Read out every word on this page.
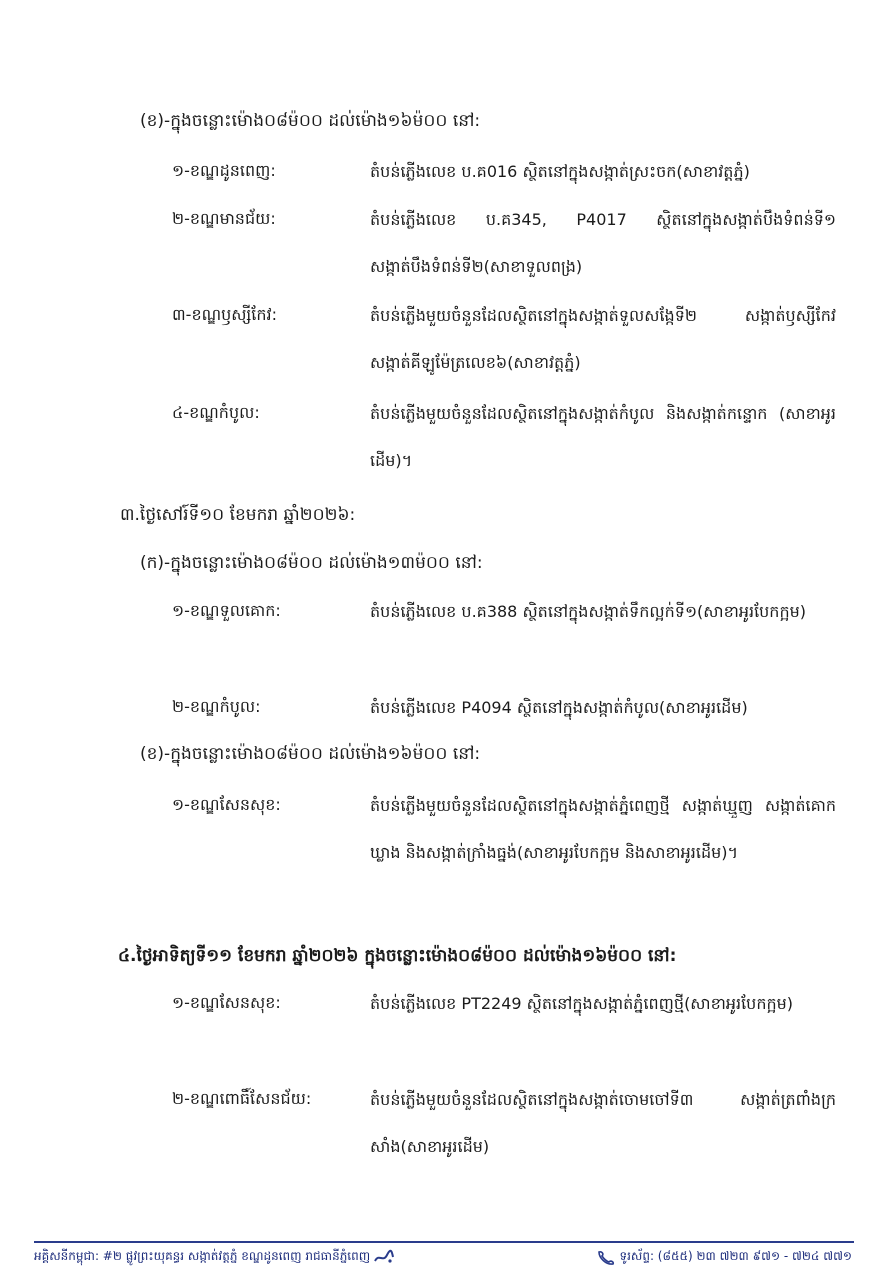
(ខ)-ក្នុងចន្លោះម៉ោង០៨ម៉០០ ដល់ម៉ោង១៦ម៉០០ នៅ:
១-ខណ្ឌដូនពេញ:	តំបន់ភ្លើងលេខ ប.គ016 ស្ថិតនៅក្នុងសង្កាត់ស្រះចក(សាខាវត្តភ្នំ)
២-ខណ្ឌមានជ័យ:	តំបន់ភ្លើងលេខ ប.គ345, P4017 ស្ថិតនៅក្នុងសង្កាត់បឹងទំពន់ទី១ សង្កាត់បឹងទំពន់ទី២(សាខាទួលពង្រ)
៣-ខណ្ឌឫស្សីកែវ:	តំបន់ភ្លើងមួយចំនួនដែលស្ថិតនៅក្នុងសង្កាត់ទួលសង្កែទី២ សង្កាត់ឫស្សីកែវ សង្កាត់គីឡូម៉ែត្រលេខ៦(សាខាវត្តភ្នំ)
៤-ខណ្ឌកំបូល:	តំបន់ភ្លើងមួយចំនួនដែលស្ថិតនៅក្នុងសង្កាត់កំបូល និងសង្កាត់កន្ទោក (សាខាអូរដើម)។
៣.ថ្ងៃសៅរ៍ទី១០ ខែមករា ឆ្នាំ២០២៦:
(ក)-ក្នុងចន្លោះម៉ោង០៨ម៉០០ ដល់ម៉ោង១៣ម៉០០ នៅ:
១-ខណ្ឌទួលគោក:	តំបន់ភ្លើងលេខ ប.គ388 ស្ថិតនៅក្នុងសង្កាត់ទឹកល្អក់ទី១(សាខាអូរបែកក្អម)
២-ខណ្ឌកំបូល:	តំបន់ភ្លើងលេខ P4094 ស្ថិតនៅក្នុងសង្កាត់កំបូល(សាខាអូរដើម)
(ខ)-ក្នុងចន្លោះម៉ោង០៨ម៉០០ ដល់ម៉ោង១៦ម៉០០ នៅ:
១-ខណ្ឌសែនសុខ:	តំបន់ភ្លើងមួយចំនួនដែលស្ថិតនៅក្នុងសង្កាត់ភ្នំពេញថ្មី សង្កាត់ឃ្មួញ សង្កាត់គោកឃ្លាង និងសង្កាត់ក្រាំងធ្នង់(សាខាអូរបែកក្អម និងសាខាអូរដើម)។
៤.ថ្ងៃអាទិត្យទី១១ ខែមករា ឆ្នាំ២០២៦ ក្នុងចន្លោះម៉ោង០៨ម៉០០ ដល់ម៉ោង១៦ម៉០០ នៅ:
១-ខណ្ឌសែនសុខ:	តំបន់ភ្លើងលេខ PT2249 ស្ថិតនៅក្នុងសង្កាត់ភ្នំពេញថ្មី(សាខាអូរបែកក្អម)
២-ខណ្ឌពោធិ៍សែនជ័យ:	តំបន់ភ្លើងមួយចំនួនដែលស្ថិតនៅក្នុងសង្កាត់ចោមចៅទី៣ សង្កាត់ត្រពាំងក្រសាំង(សាខាអូរដើម)
អគ្គិសនីកម្ពុជា: #២ ផ្លូវព្រះយុគន្ធរ សង្កាត់វត្តភ្នំ ខណ្ឌដូនពេញ រាជធានីភ្នំពេញ	ទូរស័ព្ទ: (៨៥៥) ២៣ ៧២៣ ៩៧១ - ៧២៤ ៧៧១
